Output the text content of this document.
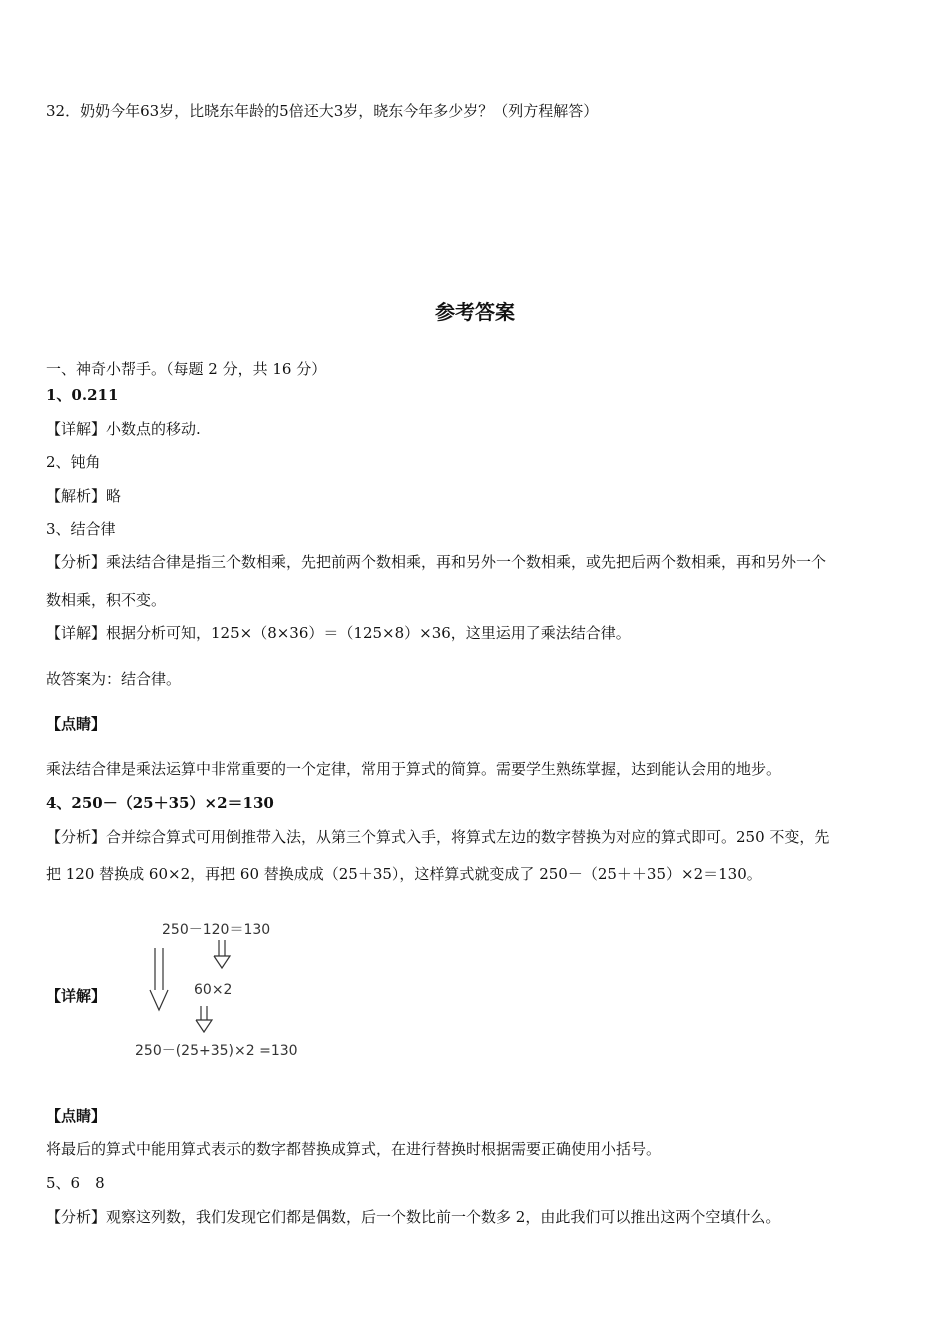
32．奶奶今年63岁，比晓东年龄的5倍还大3岁，晓东今年多少岁？（列方程解答）
参考答案
一、神奇小帮手。（每题 2 分，共 16 分）
1、0.211
【详解】小数点的移动.
2、钝角
【解析】略
3、结合律
【分析】乘法结合律是指三个数相乘，先把前两个数相乘，再和另外一个数相乘，或先把后两个数相乘，再和另外一个
数相乘，积不变。
【详解】根据分析可知，125×（8×36）＝（125×8）×36，这里运用了乘法结合律。
故答案为：结合律。
【点睛】
乘法结合律是乘法运算中非常重要的一个定律，常用于算式的简算。需要学生熟练掌握，达到能认会用的地步。
4、250－（25＋35）×2＝130
【分析】合并综合算式可用倒推带入法，从第三个算式入手，将算式左边的数字替换为对应的算式即可。250 不变，先
把 120 替换成 60×2，再把 60 替换成成（25＋35），这样算式就变成了 250－（25＋＋35）×2＝130。
【详解】
250－120＝130
60×2
250－(25+35)×2 =130
【点睛】
将最后的算式中能用算式表示的数字都替换成算式，在进行替换时根据需要正确使用小括号。
5、6　8
【分析】观察这列数，我们发现它们都是偶数，后一个数比前一个数多 2，由此我们可以推出这两个空填什么。
